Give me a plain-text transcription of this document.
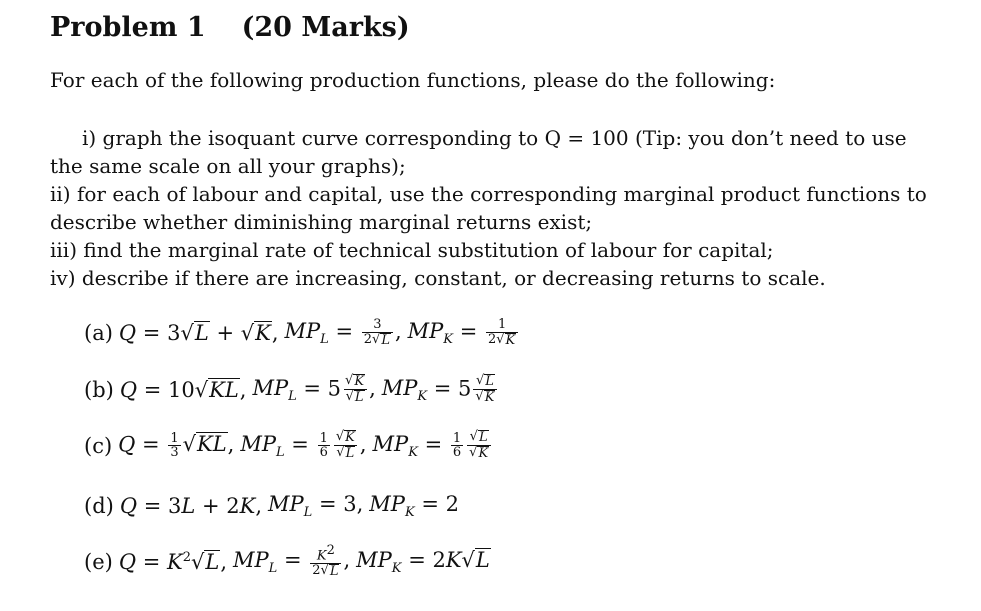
Problem 1 (20 Marks)
For each of the following production functions, please do the following:

i) graph the isoquant curve corresponding to Q = 100 (Tip: you don’t need to use the same scale on all your graphs);

ii) for each of labour and capital, use the corresponding marginal product functions to describe whether diminishing marginal returns exist;

iii) find the marginal rate of technical substitution of labour for capital;

iv) describe if there are increasing, constant, or decreasing returns to scale.

(a) Q = 3 √ L + √ K , $MP_L = \frac{3}{2 √ L}$ , $MP_K = \frac{1}{2 √ K}$
(b) Q = 10 √ KL , $MP_L = 5 \frac{√ K}{√ L}$ , $MP_K = 5 \frac{√ L}{√ K}$
(c) $Q = \frac{1}{3}$ √ KL , $MP_L = \frac{1}{6} \frac{√ K}{√ L}$ , $MP_K = \frac{1}{6} \frac{√ L}{√ K}$
(d) Q = 3L + 2K, $MP_L = 3$, $MP_K = 2$
(e) $Q = K^2$ √ L , $MP_L = \frac{K^2}{2 √ L}$ , $MP_K = 2K$ √ L
